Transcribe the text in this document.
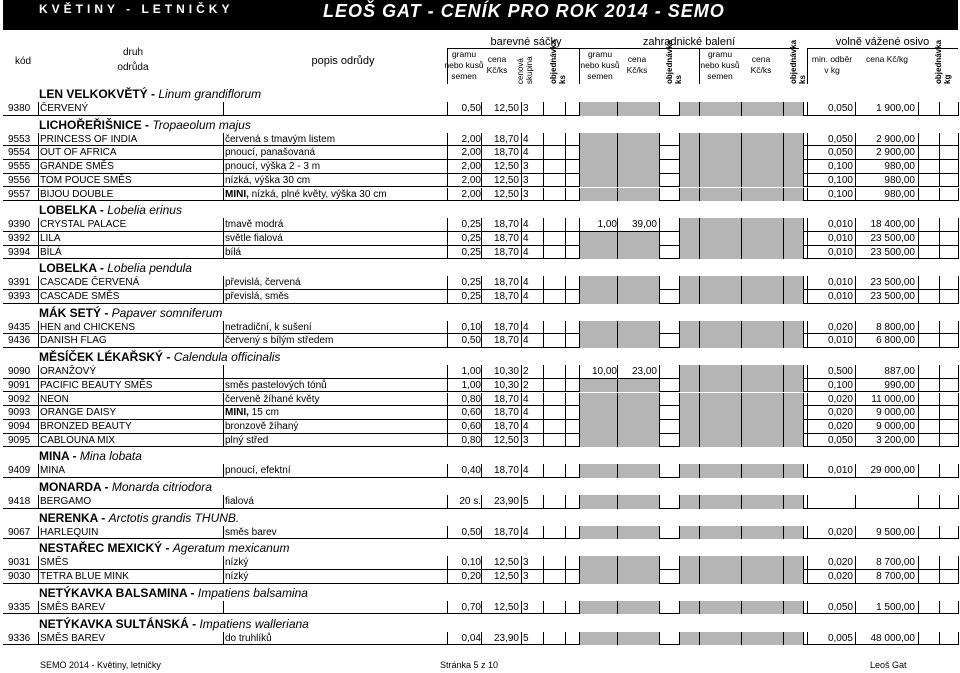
KVĚTINY - LETNIČKY	LEOŠ GAT - CENÍK PRO ROK 2014 - SEMO
kód
druh
odrůda
popis odrůdy
barevné sáčky	zahradnické balení	volně vážené osivo
gramu nebo kusů semen
cena Kč/ks	cenová skupina objednávka ks
gramu nebo kusů semen
cena Kč/ks	objednávka ks
gramu nebo kusů semen
cena Kč/ks	objednávka ks
min. odběr v kg
cena Kč/kg	objednávka kg
LEN VELKOKVĚTÝ - Linum grandiflorum
9380 ČERVENÝ	0,50	12,50 3	0,050	1 900,00
LICHOŘEŘIŠNICE - Tropaeolum majus
9553 PRINCESS OF INDIA	červená s tmavým listem	2,00	18,70 4	0,050	2 900,00
9554 OUT OF AFRICA	pnoucí, panašovaná	2,00	18,70 4	0,050	2 900,00
9555 GRANDE SMĚS	pnoucí, výška 2 - 3 m	2,00	12,50 3	0,100	980,00
9556 TOM POUCE SMĚS	nízká, výška 30 cm	2,00	12,50 3	0,100	980,00
9557 BIJOU DOUBLE	MINI, nízká, plné květy, výška 30 cm	2,00	12,50 3	0,100	980,00
LOBELKA - Lobelia erinus
9390 CRYSTAL PALACE	tmavě modrá	0,25	18,70 4	1,00	39,00	0,010	18 400,00
9392 LILA	světle fialová	0,25	18,70 4	0,010	23 500,00
9394 BÍLÁ	bílá	0,25	18,70 4	0,010	23 500,00
LOBELKA - Lobelia pendula
9391 CASCADE ČERVENÁ	převislá, červená	0,25	18,70 4	0,010	23 500,00
9393 CASCADE SMĚS	převislá, směs	0,25	18,70 4	0,010	23 500,00
MÁK SETÝ - Papaver somniferum
9435 HEN and CHICKENS	netradiční, k sušení	0,10	18,70 4	0,020	8 800,00
9436 DANISH FLAG	červený s bílým středem	0,50	18,70 4	0,010	6 800,00
MĚSÍČEK LÉKAŘSKÝ - Calendula officinalis
9090 ORANŽOVÝ	1,00	10,30 2	10,00	23,00	0,500	887,00
9091 PACIFIC BEAUTY SMĚS	směs pastelových tónů	1,00	10,30 2	0,100	990,00
9092 NEON	červeně žíhané květy	0,80	18,70 4	0,020	11 000,00
9093 ORANGE DAISY	MINI, 15 cm	0,60	18,70 4	0,020	9 000,00
9094 BRONZED BEAUTY	bronzově žíhaný	0,60	18,70 4	0,020	9 000,00
9095 CABLOUNA MIX	plný střed	0,80	12,50 3	0,050	3 200,00
MINA - Mina lobata
9409 MINA	pnoucí, efektní	0,40	18,70 4	0,010	29 000,00
MONARDA - Monarda citriodora
9418 BERGAMO	fialová	20 s.	23,90 5
NERENKA - Arctotis grandis THUNB.
9067 HARLEQUIN	směs barev	0,50	18,70 4	0,020	9 500,00
NESTAŘEC MEXICKÝ - Ageratum mexicanum
9031 SMĚS	nízký	0,10	12,50 3	0,020	8 700,00
9030 TETRA BLUE MINK	nízký	0,20	12,50 3	0,020	8 700,00
NETÝKAVKA BALSAMINA - Impatiens balsamina
9335 SMĚS BAREV	0,70	12,50 3	0,050	1 500,00
NETÝKAVKA SULTÁNSKÁ - Impatiens walleriana
9336 SMĚS BAREV	do truhlíků	0,04	23,90 5	0,005	48 000,00
SEMO 2014 - Květiny, letničky	Stránka 5 z 10	Leoš Gat
